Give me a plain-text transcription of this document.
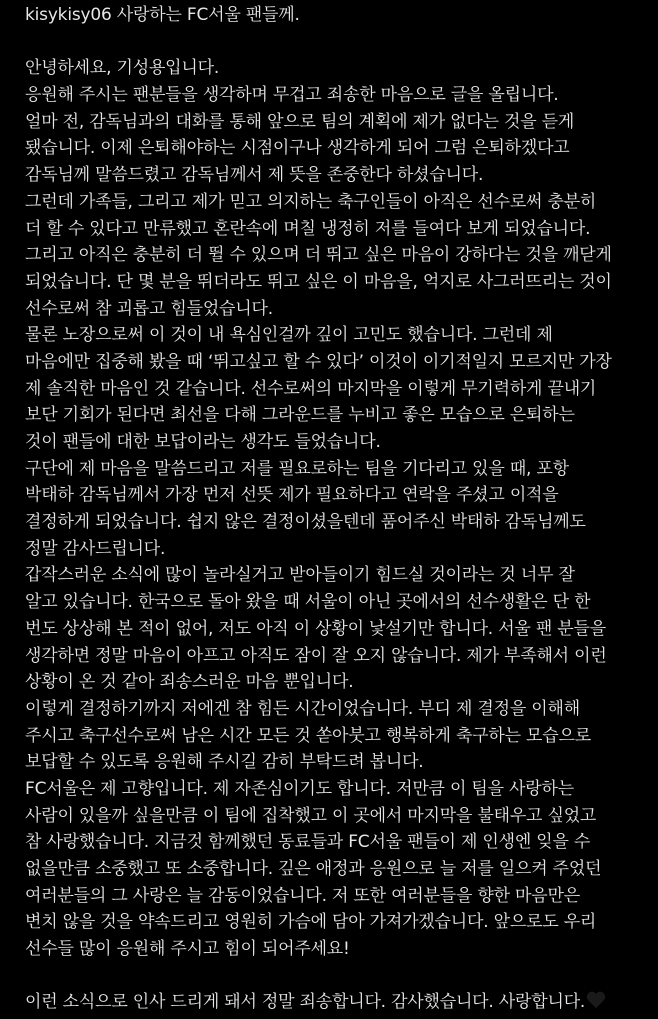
kisykisy06 사랑하는 FC서울 팬들께.
안녕하세요, 기성용입니다.
응원해 주시는 팬분들을 생각하며 무겁고 죄송한 마음으로 글을 올립니다.
얼마 전, 감독님과의 대화를 통해 앞으로 팀의 계획에 제가 없다는 것을 듣게
됐습니다. 이제 은퇴해야하는 시점이구나 생각하게 되어 그럼 은퇴하겠다고
감독님께 말씀드렸고 감독님께서 제 뜻을 존중한다 하셨습니다.
그런데 가족들, 그리고 제가 믿고 의지하는 축구인들이 아직은 선수로써 충분히
더 할 수 있다고 만류했고 혼란속에 며칠 냉정히 저를 들여다 보게 되었습니다.
그리고 아직은 충분히 더 뛸 수 있으며 더 뛰고 싶은 마음이 강하다는 것을 깨닫게
되었습니다. 단 몇 분을 뛰더라도 뛰고 싶은 이 마음을, 억지로 사그러뜨리는 것이
선수로써 참 괴롭고 힘들었습니다.
물론 노장으로써 이 것이 내 욕심인걸까 깊이 고민도 했습니다. 그런데 제
마음에만 집중해 봤을 때 ‘뛰고싶고 할 수 있다’ 이것이 이기적일지 모르지만 가장
제 솔직한 마음인 것 같습니다. 선수로써의 마지막을 이렇게 무기력하게 끝내기
보단 기회가 된다면 최선을 다해 그라운드를 누비고 좋은 모습으로 은퇴하는
것이 팬들에 대한 보답이라는 생각도 들었습니다.
구단에 제 마음을 말씀드리고 저를 필요로하는 팀을 기다리고 있을 때, 포항
박태하 감독님께서 가장 먼저 선뜻 제가 필요하다고 연락을 주셨고 이적을
결정하게 되었습니다. 쉽지 않은 결정이셨을텐데 품어주신 박태하 감독님께도
정말 감사드립니다.
갑작스러운 소식에 많이 놀라실거고 받아들이기 힘드실 것이라는 것 너무 잘
알고 있습니다. 한국으로 돌아 왔을 때 서울이 아닌 곳에서의 선수생활은 단 한
번도 상상해 본 적이 없어, 저도 아직 이 상황이 낯설기만 합니다. 서울 팬 분들을
생각하면 정말 마음이 아프고 아직도 잠이 잘 오지 않습니다. 제가 부족해서 이런
상황이 온 것 같아 죄송스러운 마음 뿐입니다.
이렇게 결정하기까지 저에겐 참 힘든 시간이었습니다. 부디 제 결정을 이해해
주시고 축구선수로써 남은 시간 모든 것 쏟아붓고 행복하게 축구하는 모습으로
보답할 수 있도록 응원해 주시길 감히 부탁드려 봅니다.
FC서울은 제 고향입니다. 제 자존심이기도 합니다. 저만큼 이 팀을 사랑하는
사람이 있을까 싶을만큼 이 팀에 집착했고 이 곳에서 마지막을 불태우고 싶었고
참 사랑했습니다. 지금것 함께했던 동료들과 FC서울 팬들이 제 인생엔 잊을 수
없을만큼 소중했고 또 소중합니다. 깊은 애정과 응원으로 늘 저를 일으켜 주었던
여러분들의 그 사랑은 늘 감동이었습니다. 저 또한 여러분들을 향한 마음만은
변치 않을 것을 약속드리고 영원히 가슴에 담아 가져가겠습니다. 앞으로도 우리
선수들 많이 응원해 주시고 힘이 되어주세요!
이런 소식으로 인사 드리게 돼서 정말 죄송합니다. 감사했습니다. 사랑합니다.
